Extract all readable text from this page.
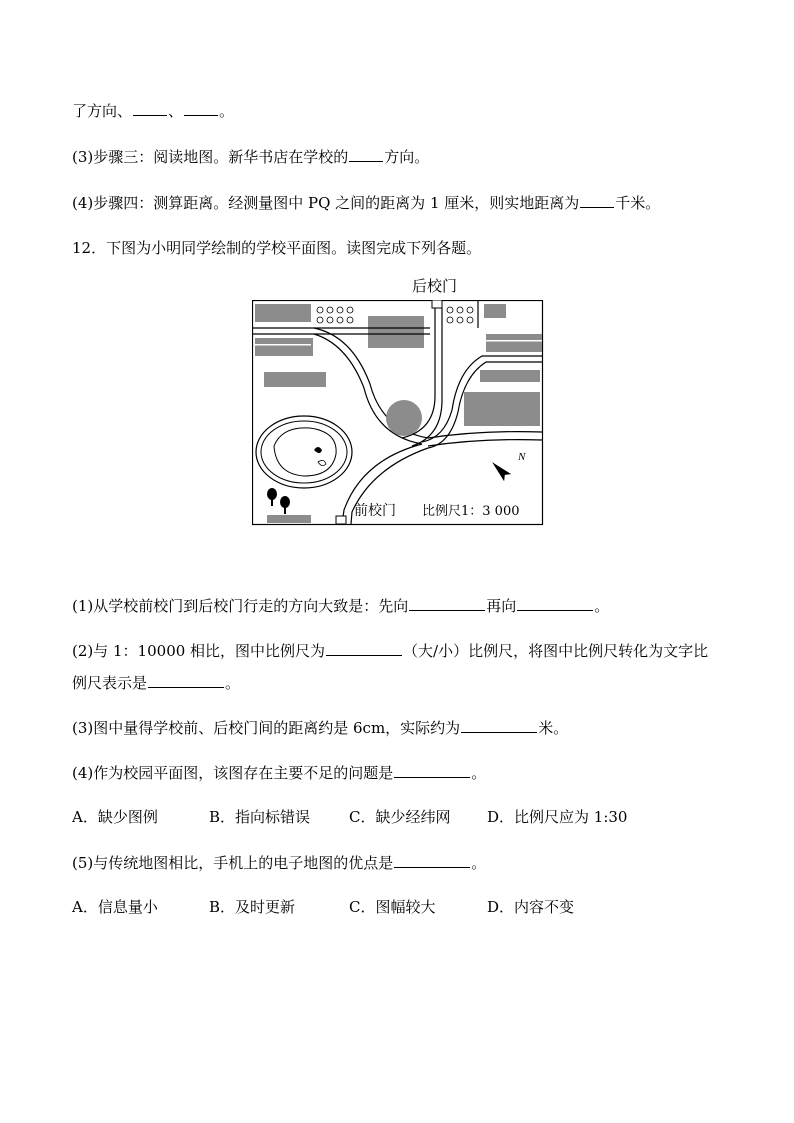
了方向、 、 。
(3)步骤三：阅读地图。新华书店在学校的 方向。
(4)步骤四：测算距离。经测量图中 PQ 之间的距离为 1 厘米，则实地距离为 千米。
12．下图为小明同学绘制的学校平面图。读图完成下列各题。
后校门
N
前校门 比例尺1：3 000
(1)从学校前校门到后校门行走的方向大致是：先向	再向	。
(2)与 1：10000 相比，图中比例尺为	（大/小）比例尺，将图中比例尺转化为文字比
例尺表示是	。
(3)图中量得学校前、后校门间的距离约是 6cm，实际约为	米。
(4)作为校园平面图，该图存在主要不足的问题是	。
A．缺少图例	B．指向标错误	C．缺少经纬网 D．比例尺应为 1:30
(5)与传统地图相比，手机上的电子地图的优点是	。
A．信息量小	B．及时更新	C．图幅较大	D．内容不变
